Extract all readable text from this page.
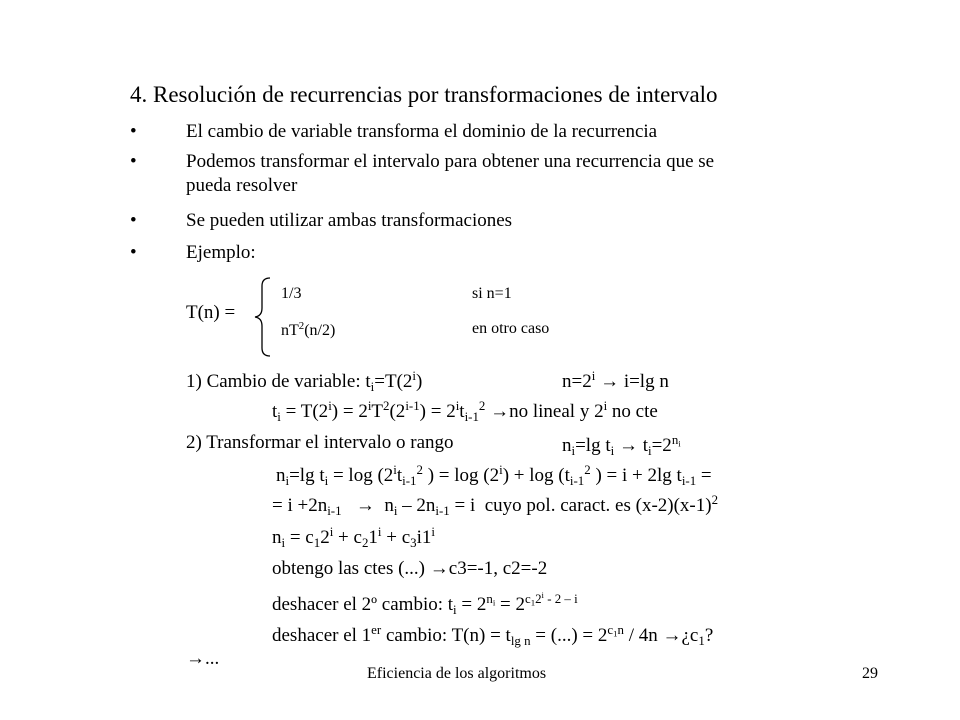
4. Resolución de recurrencias por transformaciones de intervalo
•	El cambio de variable transforma el dominio de la recurrencia
•	Podemos transformar el intervalo para obtener una recurrencia que se
pueda resolver
•	Se pueden utilizar ambas transformaciones
•	Ejemplo:
T(n) =
1/3	si n=1
$nT^2(n/2)$	en otro caso
1) Cambio de variable: $t_i=T(2^i)$	$n=2^i \to i=\lg$ n
$t_i = T(2^i) = 2^iT^2(2^{i-1}) = 2^it_{i-1}^2 \to no$ lineal y 2$^i$ no cte
2) Transformar el intervalo o rango	$n_i=\lg$ $t_i \to t_i=2^{n_i}$
$n_i=\lg$ $t_i = \log (2^it_{i-1}^2$ ) = $\log (2^i) + \log (t_{i-1}^2$ ) = i + 2lg $t_{i-1}$ =
= $i +2n_{i-1} \to n_i - 2n_{i-1} = i$  cuyo pol. caract. es $(x-2)(x-1)^2$
$n_i = c_12^i + c_21^i + c_3i1^i$
obtengo las ctes (...) →c3=-1, c2=-2
deshacer el 2º cambio: $t_i = 2^{n_i} = 2^{c_12^i - 2 - i}$
deshacer el 1er cambio: $T(n) = t_{lg n}$ = (...) = $2^{c_1n} / 4n$ $\to¿c_1$?
→...
Eficiencia de los algoritmos	29
